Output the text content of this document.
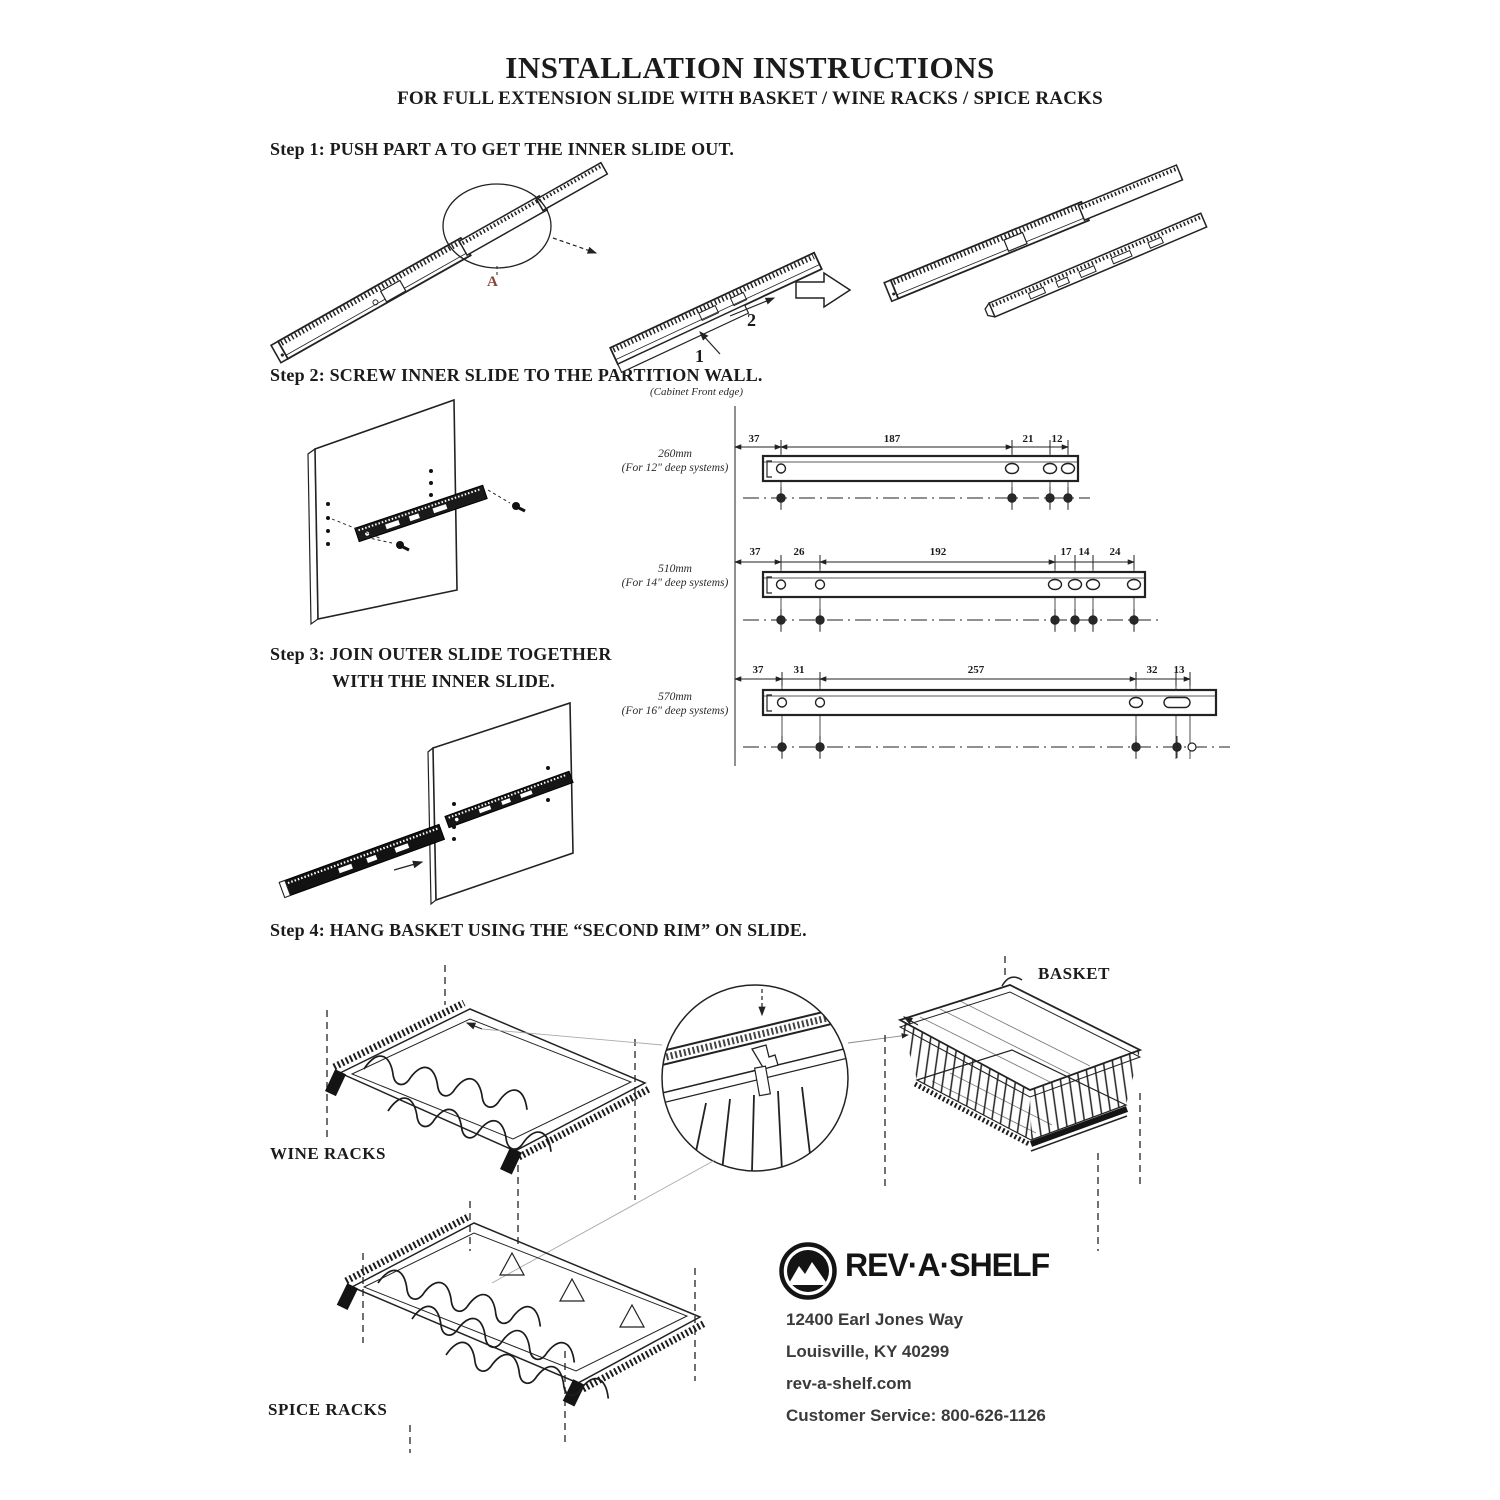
INSTALLATION INSTRUCTIONS
FOR FULL EXTENSION SLIDE WITH BASKET / WINE RACKS / SPICE RACKS
Step 1: PUSH PART A TO GET THE INNER SLIDE OUT.
Step 2: SCREW INNER SLIDE TO THE PARTITION WALL.
Step 3: JOIN OUTER SLIDE TOGETHER
WITH THE INNER SLIDE.
Step 4: HANG BASKET USING THE “SECOND RIM” ON SLIDE.
A
1
2
(Cabinet Front edge)
260mm
(For 12" deep systems)
510mm
(For 14" deep systems)
570mm
(For 16" deep systems)
37	187	21	12
37	26	192	17 14	24
37	31	257	32	13
BASKET
WINE RACKS
SPICE RACKS
REV·A·SHELF
12400 Earl Jones Way
Louisville, KY 40299
rev-a-shelf.com
Customer Service: 800-626-1126
